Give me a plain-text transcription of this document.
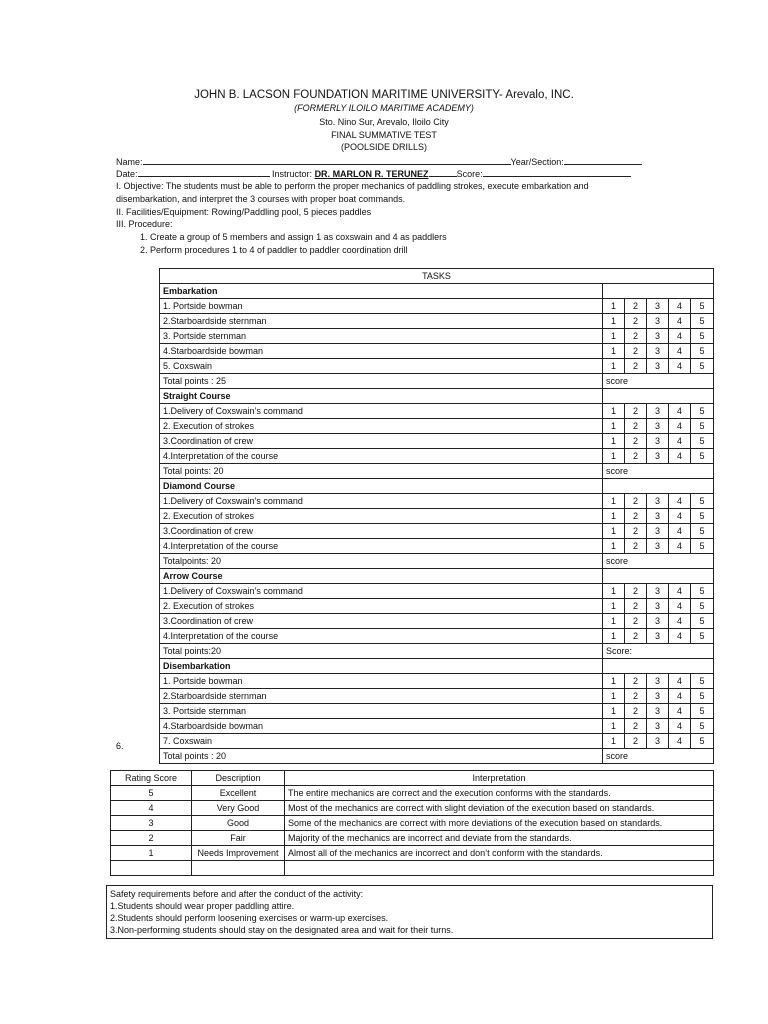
JOHN B. LACSON FOUNDATION MARITIME UNIVERSITY- Arevalo, INC.
(FORMERLY ILOILO MARITIME ACADEMY)
Sto. Nino Sur, Arevalo, Iloilo City
FINAL SUMMATIVE TEST
(POOLSIDE DRILLS)
Name:	Year/Section:
Date:	Instructor: DR. MARLON R. TERUNEZ	Score:
I. Objective: The students must be able to perform the proper mechanics of paddling strokes, execute embarkation and
disembarkation, and interpret the 3 courses with proper boat commands.
II. Facilities/Equipment: Rowing/Paddling pool, 5 pieces paddles
III. Procedure:
1. Create a group of 5 members and assign 1 as coxswain and 4 as paddlers
2. Perform procedures 1 to 4 of paddler to paddler coordination drill
TASKS					
Embarkation					
1. Portside bowman	1	2	3	4	5
2.Starboardside sternman	1	2	3	4	5
3. Portside sternman	1	2	3	4	5
4.Starboardside bowman	1	2	3	4	5
5. Coxswain	1	2	3	4	5
Total points : 25	score				
Straight Course					
1.Delivery of Coxswain’s command	1	2	3	4	5
2. Execution of strokes	1	2	3	4	5
3.Coordination of crew	1	2	3	4	5
4.Interpretation of the course	1	2	3	4	5
Total points: 20	score				
Diamond Course					
1.Delivery of Coxswain’s command	1	2	3	4	5
2. Execution of strokes	1	2	3	4	5
3.Coordination of crew	1	2	3	4	5
4.Interpretation of the course	1	2	3	4	5
Totalpoints: 20	score				
Arrow Course					
1.Delivery of Coxswain’s command	1	2	3	4	5
2. Execution of strokes	1	2	3	4	5
3.Coordination of crew	1	2	3	4	5
4.Interpretation of the course	1	2	3	4	5
Total points:20	Score:				
Disembarkation					
1. Portside bowman	1	2	3	4	5
2.Starboardside sternman	1	2	3	4	5
3. Portside sternman	1	2	3	4	5
4.Starboardside bowman	1	2	3	4	5
7. Coxswain	1	2	3	4	5
Total points : 20	score				
6.
Rating Score	Description	Interpretation
5	Excellent	The entire mechanics are correct and the execution conforms with the standards.
4	Very Good	Most of the mechanics are correct with slight deviation of the execution based on standards.
3	Good	Some of the mechanics are correct with more deviations of the execution based on standards.
2	Fair	Majority of the mechanics are incorrect and deviate from the standards.
1	Needs Improvement	Almost all of the mechanics are incorrect and don’t conform with the standards.

Safety requirements before and after the conduct of the activity:
1.Students should wear proper paddling attire.
2.Students should perform loosening exercises or warm-up exercises.
3.Non-performing students should stay on the designated area and wait for their turns.
